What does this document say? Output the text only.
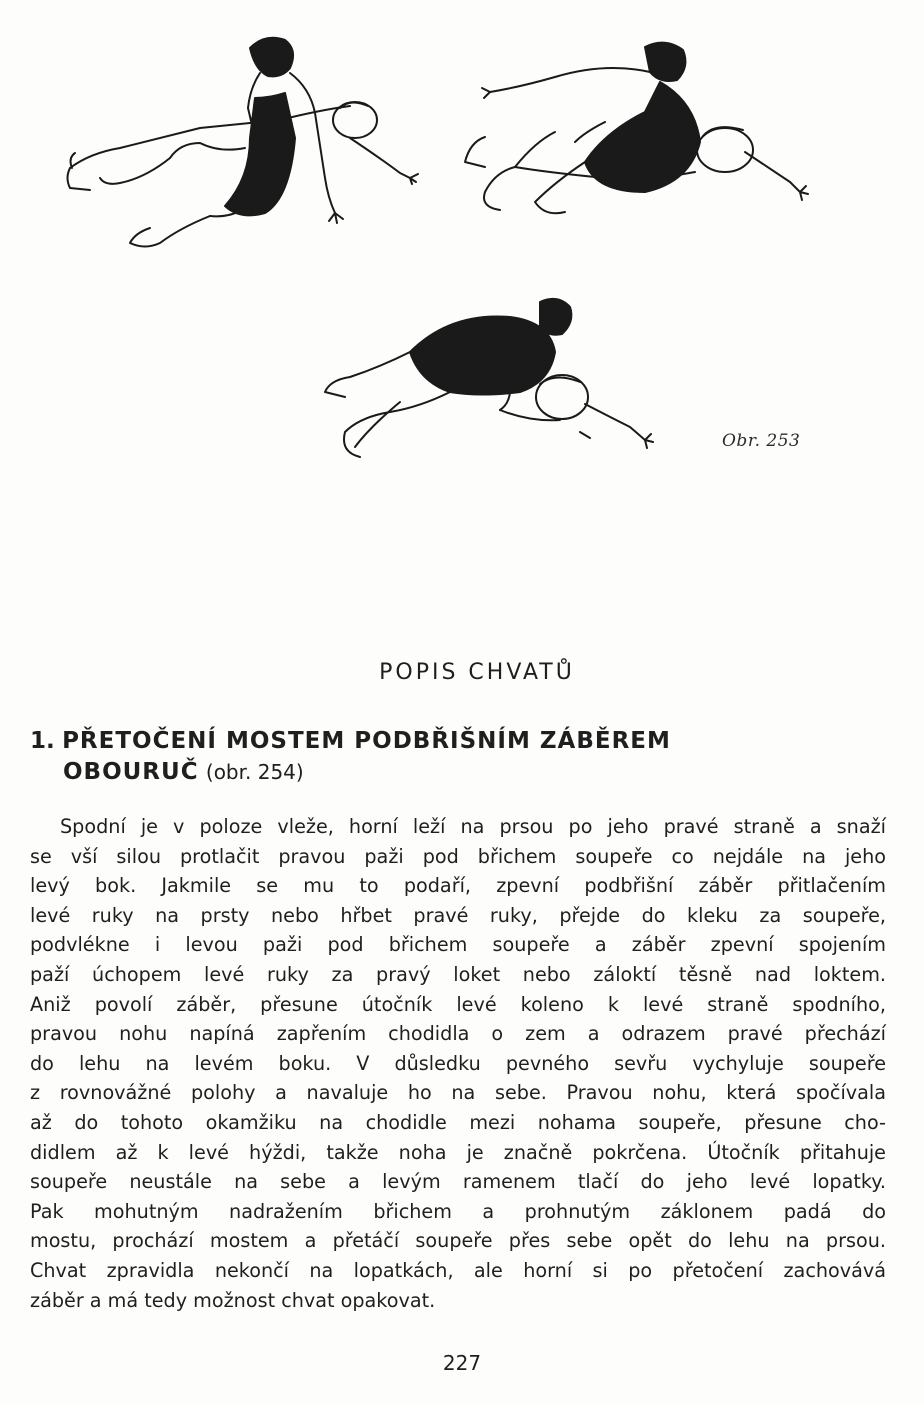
Obr. 253
POPIS CHVATŮ
1. PŘETOČENÍ MOSTEM PODBŘIŠNÍM ZÁBĚREM
OBOURUČ (obr. 254)
Spodní je v poloze vleže, horní leží na prsou po jeho pravé straně a snaží
se vší silou protlačit pravou paži pod břichem soupeře co nejdále na jeho
levý bok. Jakmile se mu to podaří, zpevní podbřišní záběr přitlačením
levé ruky na prsty nebo hřbet pravé ruky, přejde do kleku za soupeře,
podvlékne i levou paži pod břichem soupeře a záběr zpevní spojením
paží úchopem levé ruky za pravý loket nebo záloktí těsně nad loktem.
Aniž povolí záběr, přesune útočník levé koleno k levé straně spodního,
pravou nohu napíná zapřením chodidla o zem a odrazem pravé přechází
do lehu na levém boku. V důsledku pevného sevřu vychyluje soupeře
z rovnovážné polohy a navaluje ho na sebe. Pravou nohu, která spočívala
až do tohoto okamžiku na chodidle mezi nohama soupeře, přesune cho-
didlem až k levé hýždi, takže noha je značně pokrčena. Útočník přitahuje
soupeře neustále na sebe a levým ramenem tlačí do jeho levé lopatky.
Pak mohutným nadražením břichem a prohnutým záklonem padá do
mostu, prochází mostem a přetáčí soupeře přes sebe opět do lehu na prsou.
Chvat zpravidla nekončí na lopatkách, ale horní si po přetočení zachovává
záběr a má tedy možnost chvat opakovat.
227
